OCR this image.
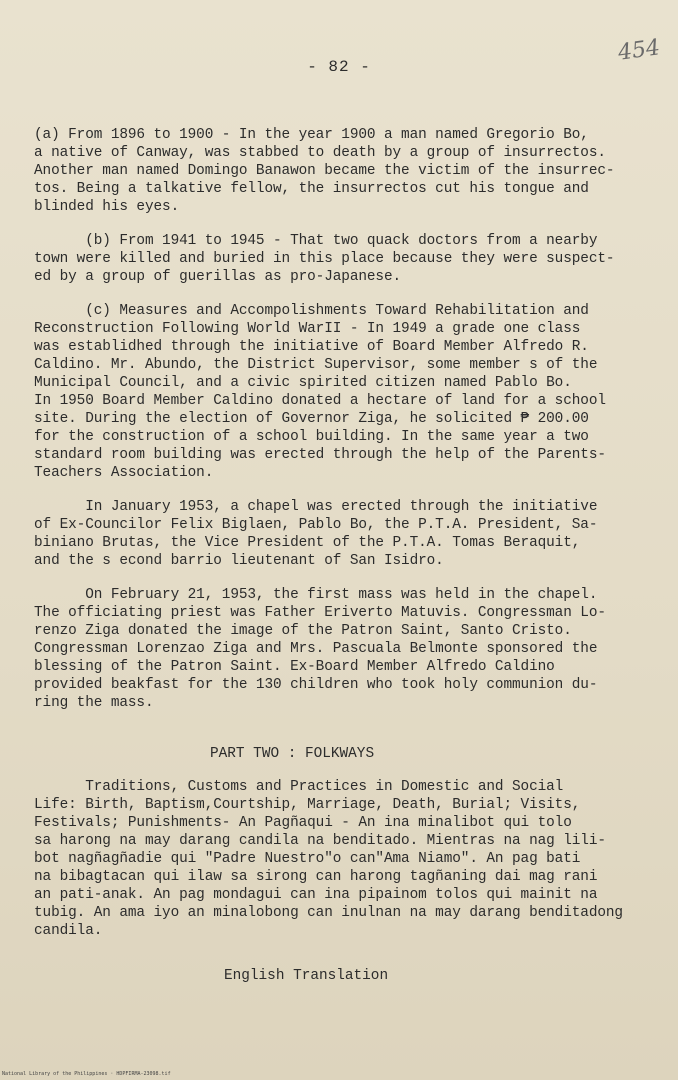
- 82 -
454

(a) From 1896 to 1900 - In the year 1900 a man named Gregorio Bo,
a native of Canway, was stabbed to death by a group of insurrectos.
Another man named Domingo Banawon became the victim of the insurrec-
tos. Being a talkative fellow, the insurrectos cut his tongue and
blinded his eyes.

(b) From 1941 to 1945 - That two quack doctors from a nearby
town were killed and buried in this place because they were suspect-
ed by a group of guerillas as pro-Japanese.

(c) Measures and Accompolishments Toward Rehabilitation and
Reconstruction Following World WarII - In 1949 a grade one class
was establidhed through the initiative of Board Member Alfredo R.
Caldino. Mr. Abundo, the District Supervisor, some member s of the
Municipal Council, and a civic spirited citizen named Pablo Bo.
In 1950 Board Member Caldino donated a hectare of land for a school
site. During the election of Governor Ziga, he solicited ₱ 200.00
for the construction of a school building. In the same year a two
standard room building was erected through the help of the Parents-
Teachers Association.

In January 1953, a chapel was erected through the initiative
of Ex-Councilor Felix Biglaen, Pablo Bo, the P.T.A. President, Sa-
biniano Brutas, the Vice President of the P.T.A. Tomas Beraquit,
and the s econd barrio lieutenant of San Isidro.

On February 21, 1953, the first mass was held in the chapel.
The officiating priest was Father Eriverto Matuvis. Congressman Lo-
renzo Ziga donated the image of the Patron Saint, Santo Cristo.
Congressman Lorenzao Ziga and Mrs. Pascuala Belmonte sponsored the
blessing of the Patron Saint. Ex-Board Member Alfredo Caldino
provided beakfast for the 130 children who took holy communion du-
ring the mass.

PART TWO : FOLKWAYS

Traditions, Customs and Practices in Domestic and Social
Life: Birth, Baptism,Courtship, Marriage, Death, Burial; Visits,
Festivals; Punishments- An Pagñaqui - An ina minalibot qui tolo
sa harong na may darang candila na benditado. Mientras na nag lili-
bot nagñagñadie qui "Padre Nuestro"o can"Ama Niamo". An pag bati
na bibagtacan qui ilaw sa sirong can harong tagñaning dai mag rani
an pati-anak. An pag mondagui can ina pipainom tolos qui mainit na
tubig. An ama iyo an minalobong can inulnan na may darang benditadong
candila.

English Translation
National Library of the Philippines · HDPFIRMA-23098.tif
